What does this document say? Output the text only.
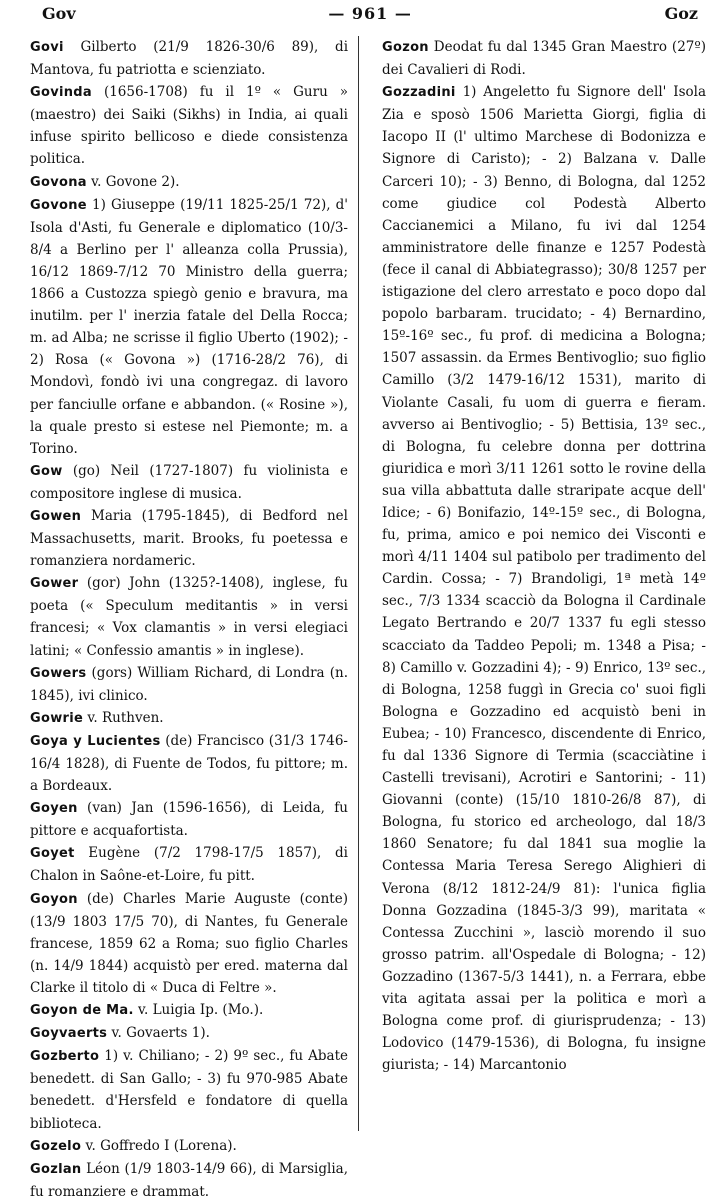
Gov	— 961 —	Goz

Govi Gilberto (21/9 1826-30/6 89), di Mantova, fu patriotta e scienziato.

Govinda (1656-1708) fu il 1º « Guru » (maestro) dei Saiki (Sikhs) in India, ai quali infuse spirito bellicoso e diede consistenza politica.

Govona v. Govone 2).

Govone 1) Giuseppe (19/11 1825-25/1 72), d' Isola d'Asti, fu Generale e diplomatico (10/3-8/4 a Berlino per l' alleanza colla Prussia), 16/12 1869-7/12 70 Ministro della guerra; 1866 a Custozza spiegò genio e bravura, ma inutilm. per l' inerzia fatale del Della Rocca; m. ad Alba; ne scrisse il figlio Uberto (1902); - 2) Rosa (« Govona ») (1716-28/2 76), di Mondovì, fondò ivi una congregaz. di lavoro per fanciulle orfane e abbandon. (« Rosine »), la quale presto si estese nel Piemonte; m. a Torino.

Gow (go) Neil (1727-1807) fu violinista e compositore inglese di musica.

Gowen Maria (1795-1845), di Bedford nel Massachusetts, marit. Brooks, fu poetessa e romanziera nordameric.

Gower (gor) John (1325?-1408), inglese, fu poeta (« Speculum meditantis » in versi francesi; « Vox clamantis » in versi elegiaci latini; « Confessio amantis » in inglese).

Gowers (gors) William Richard, di Londra (n. 1845), ivi clinico.

Gowrie v. Ruthven.

Goya y Lucientes (de) Francisco (31/3 1746-16/4 1828), di Fuente de Todos, fu pittore; m. a Bordeaux.

Goyen (van) Jan (1596-1656), di Leida, fu pittore e acquafortista.

Goyet Eugène (7/2 1798-17/5 1857), di Chalon in Saône-et-Loire, fu pitt.

Goyon (de) Charles Marie Auguste (conte) (13/9 1803 17/5 70), di Nantes, fu Generale francese, 1859 62 a Roma; suo figlio Charles (n. 14/9 1844) acquistò per ered. materna dal Clarke il titolo di « Duca di Feltre ».

Goyon de Ma. v. Luigia Ip. (Mo.).

Goyvaerts v. Govaerts 1).

Gozberto 1) v. Chiliano; - 2) 9º sec., fu Abate benedett. di San Gallo; - 3) fu 970-985 Abate benedett. d'Hersfeld e fondatore di quella biblioteca.

Gozelo v. Goffredo I (Lorena).

Gozlan Léon (1/9 1803-14/9 66), di Marsiglia, fu romanziere e drammat.

Gozon Deodat fu dal 1345 Gran Maestro (27º) dei Cavalieri di Rodi.

Gozzadini 1) Angeletto fu Signore dell' Isola Zia e sposò 1506 Marietta Giorgi, figlia di Iacopo II (l' ultimo Marchese di Bodonizza e Signore di Caristo); - 2) Balzana v. Dalle Carceri 10); - 3) Benno, di Bologna, dal 1252 come giudice col Podestà Alberto Caccianemici a Milano, fu ivi dal 1254 amministratore delle finanze e 1257 Podestà (fece il canal di Abbiategrasso); 30/8 1257 per istigazione del clero arrestato e poco dopo dal popolo barbaram. trucidato; - 4) Bernardino, 15º-16º sec., fu prof. di medicina a Bologna; 1507 assassin. da Ermes Bentivoglio; suo figlio Camillo (3/2 1479-16/12 1531), marito di Violante Casali, fu uom di guerra e fieram. avverso ai Bentivoglio; - 5) Bettisia, 13º sec., di Bologna, fu celebre donna per dottrina giuridica e morì 3/11 1261 sotto le rovine della sua villa abbattuta dalle straripate acque dell' Idice; - 6) Bonifazio, 14º-15º sec., di Bologna, fu, prima, amico e poi nemico dei Visconti e morì 4/11 1404 sul patibolo per tradimento del Cardin. Cossa; - 7) Brandoligi, 1ª metà 14º sec., 7/3 1334 scacciò da Bologna il Cardinale Legato Bertrando e 20/7 1337 fu egli stesso scacciato da Taddeo Pepoli; m. 1348 a Pisa; - 8) Camillo v. Gozzadini 4); - 9) Enrico, 13º sec., di Bologna, 1258 fuggì in Grecia co' suoi figli Bologna e Gozzadino ed acquistò beni in Eubea; - 10) Francesco, discendente di Enrico, fu dal 1336 Signore di Termia (scacciàtine i Castelli trevisani), Acrotiri e Santorini; - 11) Giovanni (conte) (15/10 1810-26/8 87), di Bologna, fu storico ed archeologo, dal 18/3 1860 Senatore; fu dal 1841 sua moglie la Contessa Maria Teresa Serego Alighieri di Verona (8/12 1812-24/9 81): l'unica figlia Donna Gozzadina (1845-3/3 99), maritata « Contessa Zucchini », lasciò morendo il suo grosso patrim. all'Ospedale di Bologna; - 12) Gozzadino (1367-5/3 1441), n. a Ferrara, ebbe vita agitata assai per la politica e morì a Bologna come prof. di giurisprudenza; - 13) Lodovico (1479-1536), di Bologna, fu insigne giurista; - 14) Marcantonio
